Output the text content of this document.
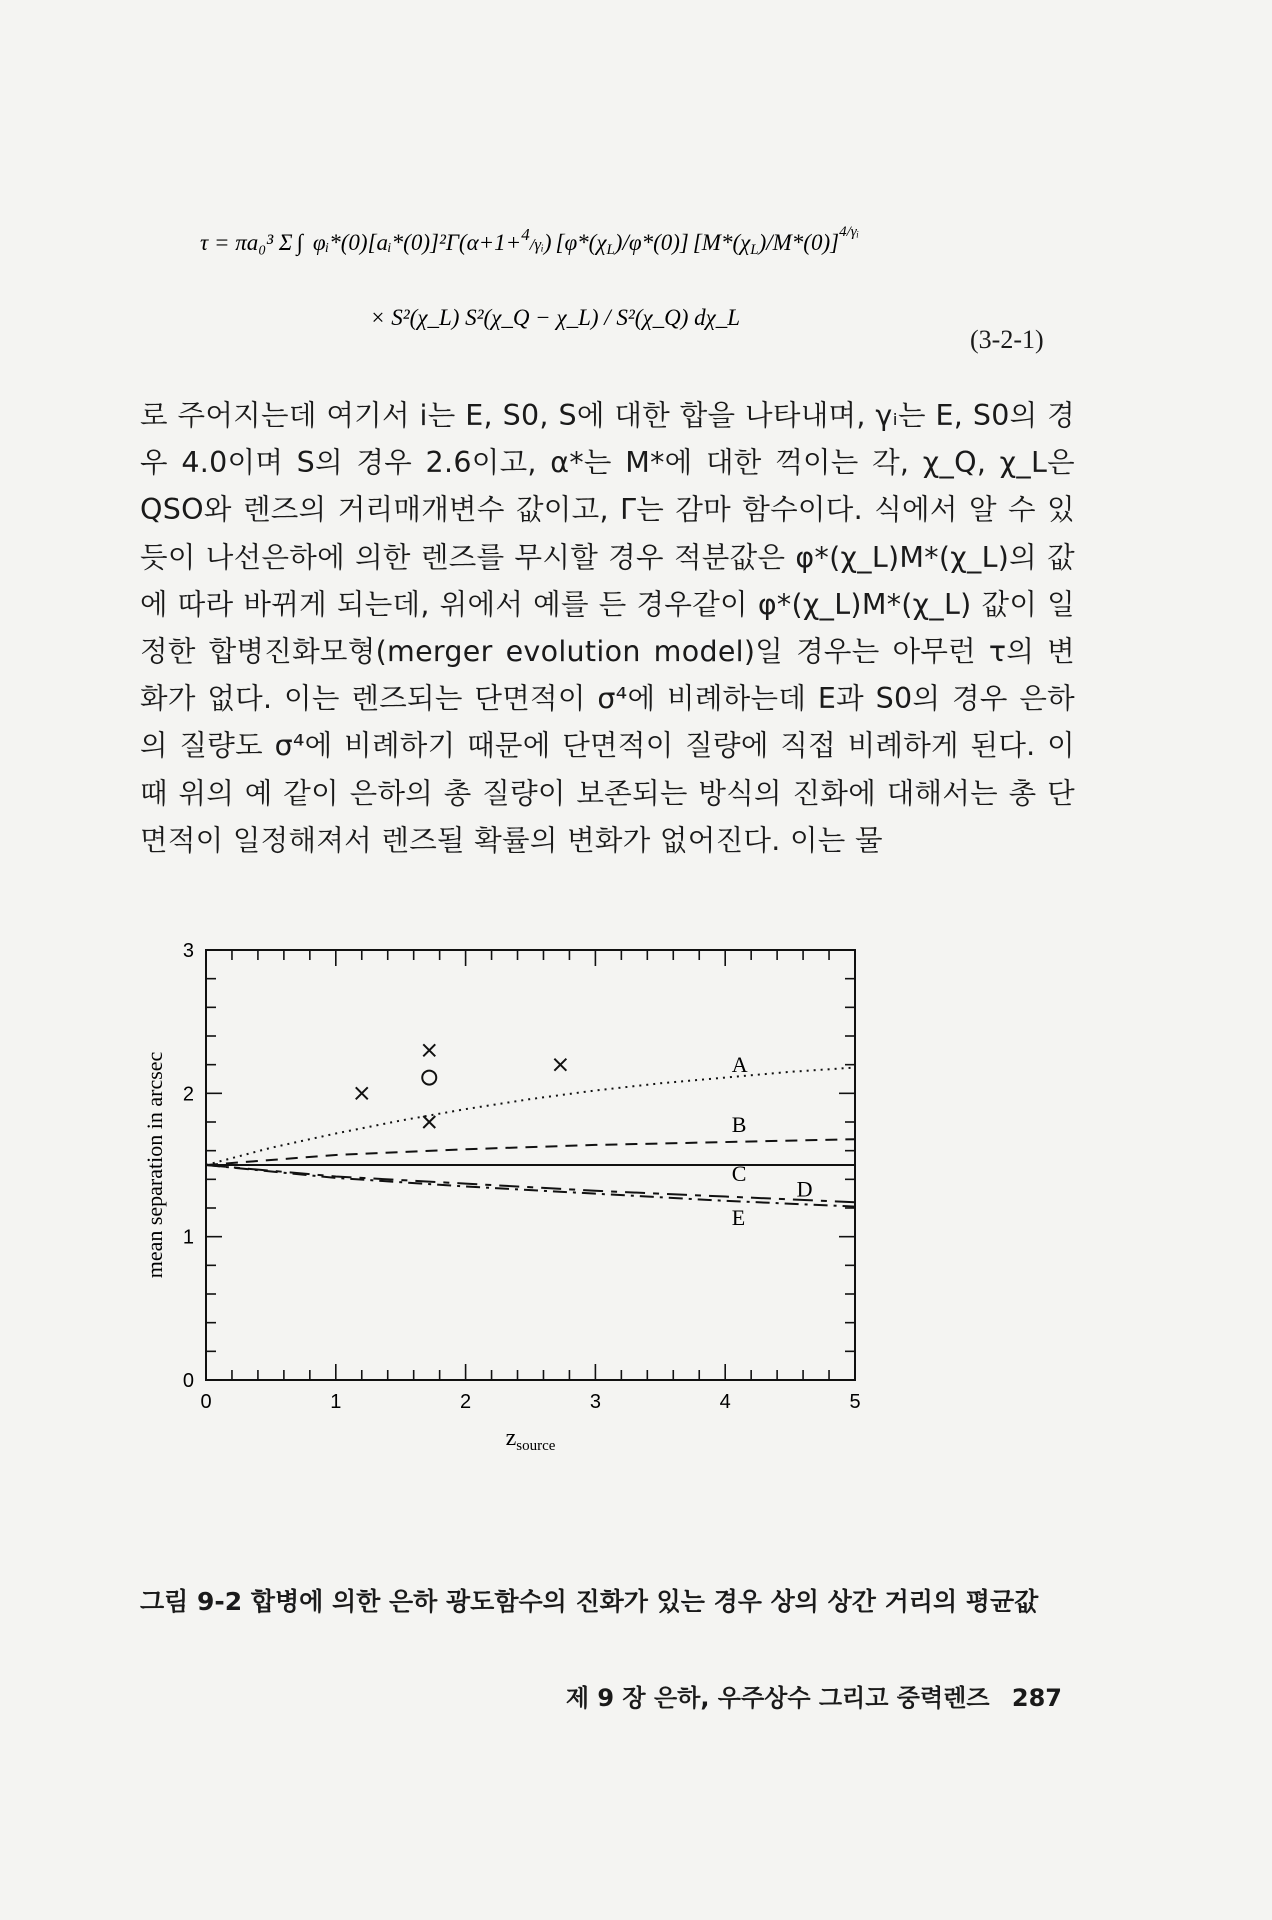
τ = πa₀³ Σ ∫ φᵢ*(0)[aᵢ*(0)]²Γ(α+1+$^4_{/\gamma ᵢ}$) [φ*(χL)/φ*(0)] $[M*(\chi L)/M*(0)]^{4/\gamma ᵢ}$
× S²(χ_L) S²(χ_Q − χ_L) / S²(χ_Q) dχ_L
(3-2-1)

로 주어지는데 여기서 i는 E, S0, S에 대한 합을 나타내며, γᵢ는 E, S0의 경우 4.0이며 S의 경우 2.6이고, α*는 M*에 대한 꺽이는 각, χ_Q, χ_L은 QSO와 렌즈의 거리매개변수 값이고, Γ는 감마 함수이다. 식에서 알 수 있듯이 나선은하에 의한 렌즈를 무시할 경우 적분값은 φ*(χ_L)M*(χ_L)의 값에 따라 바뀌게 되는데, 위에서 예를 든 경우같이 φ*(χ_L)M*(χ_L) 값이 일정한 합병진화모형(merger evolution model)일 경우는 아무런 τ의 변화가 없다. 이는 렌즈되는 단면적이 σ⁴에 비례하는데 E과 S0의 경우 은하의 질량도 σ⁴에 비례하기 때문에 단면적이 질량에 직접 비례하게 된다. 이때 위의 예 같이 은하의 총 질량이 보존되는 방식의 진화에 대해서는 총 단면적이 일정해져서 렌즈될 확률의 변화가 없어진다. 이는 물

0	1	2	3	4	5
0
1
2
3
$z_{source}$
mean separation in arcsec	A
B
C
D
E
그림 9-2 합병에 의한 은하 광도함수의 진화가 있는 경우 상의 상간 거리의 평균값
제 9 장 은하, 우주상수 그리고 중력렌즈 287
